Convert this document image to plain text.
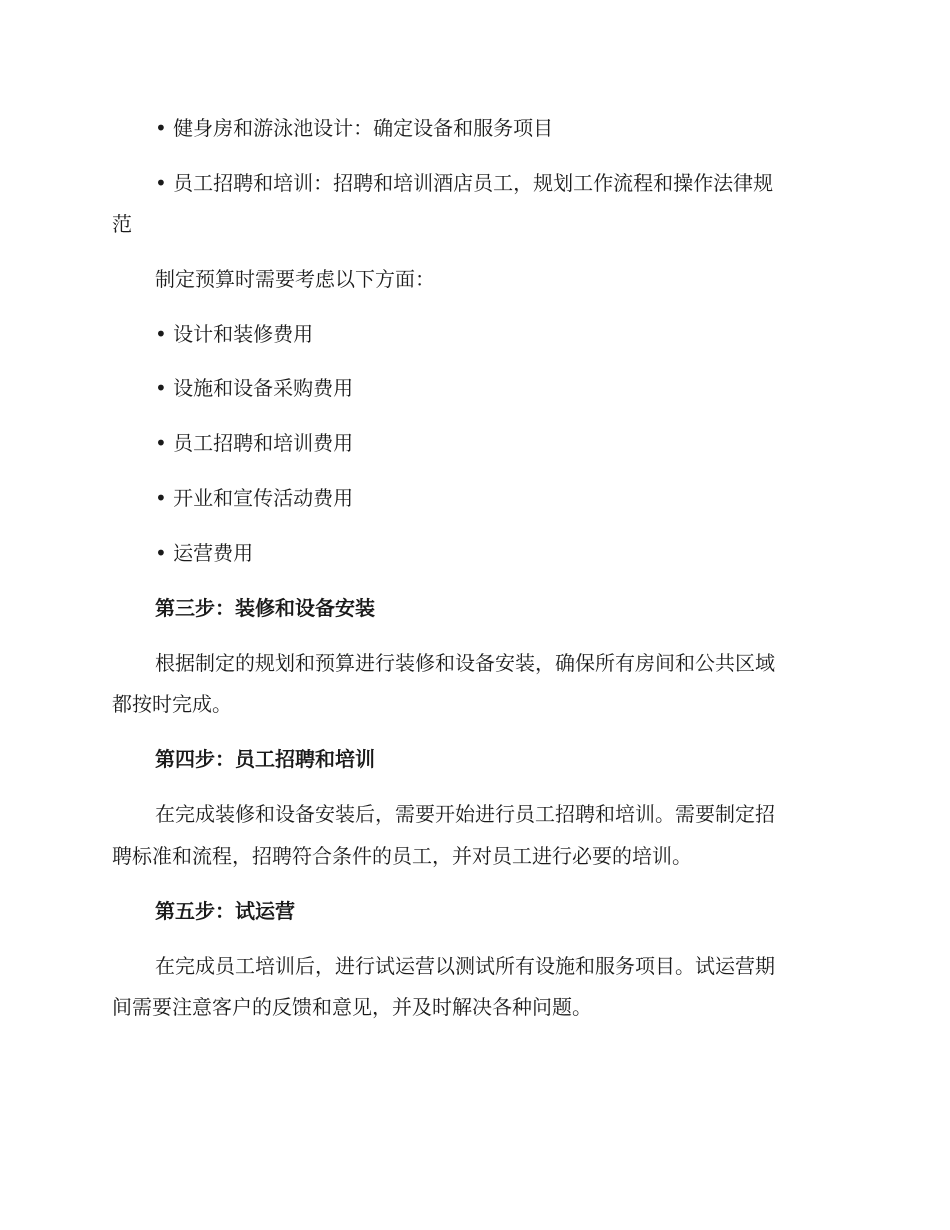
• 健身房和游泳池设计：确定设备和服务项目
• 员工招聘和培训：招聘和培训酒店员工，规划工作流程和操作法律规
范
制定预算时需要考虑以下方面：
• 设计和装修费用
• 设施和设备采购费用
• 员工招聘和培训费用
• 开业和宣传活动费用
• 运营费用
第三步：装修和设备安装
根据制定的规划和预算进行装修和设备安装，确保所有房间和公共区域
都按时完成。
第四步：员工招聘和培训
在完成装修和设备安装后，需要开始进行员工招聘和培训。需要制定招
聘标准和流程，招聘符合条件的员工，并对员工进行必要的培训。
第五步：试运营
在完成员工培训后，进行试运营以测试所有设施和服务项目。试运营期
间需要注意客户的反馈和意见，并及时解决各种问题。
